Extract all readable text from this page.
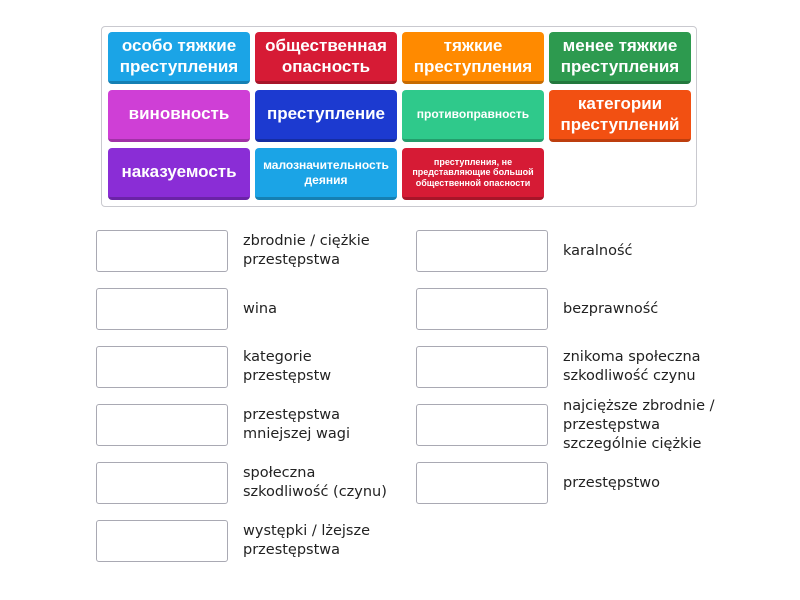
особо тяжкие преступления
общественная опасность
тяжкие преступления
менее тяжкие преступления
виновность	преступление	противоправность
категории преступлений
наказуемость	малозначительность деяния
преступления, не представляющие большой общественной опасности
zbrodnie / ciężkie przestępstwa
wina
kategorie przestępstw
przestępstwa mniejszej wagi
społeczna szkodliwość (czynu)
występki / lżejsze przestępstwa
karalność
bezprawność
znikoma społeczna szkodliwość czynu
najcięższe zbrodnie / przestępstwa szczególnie ciężkie
przestępstwo
